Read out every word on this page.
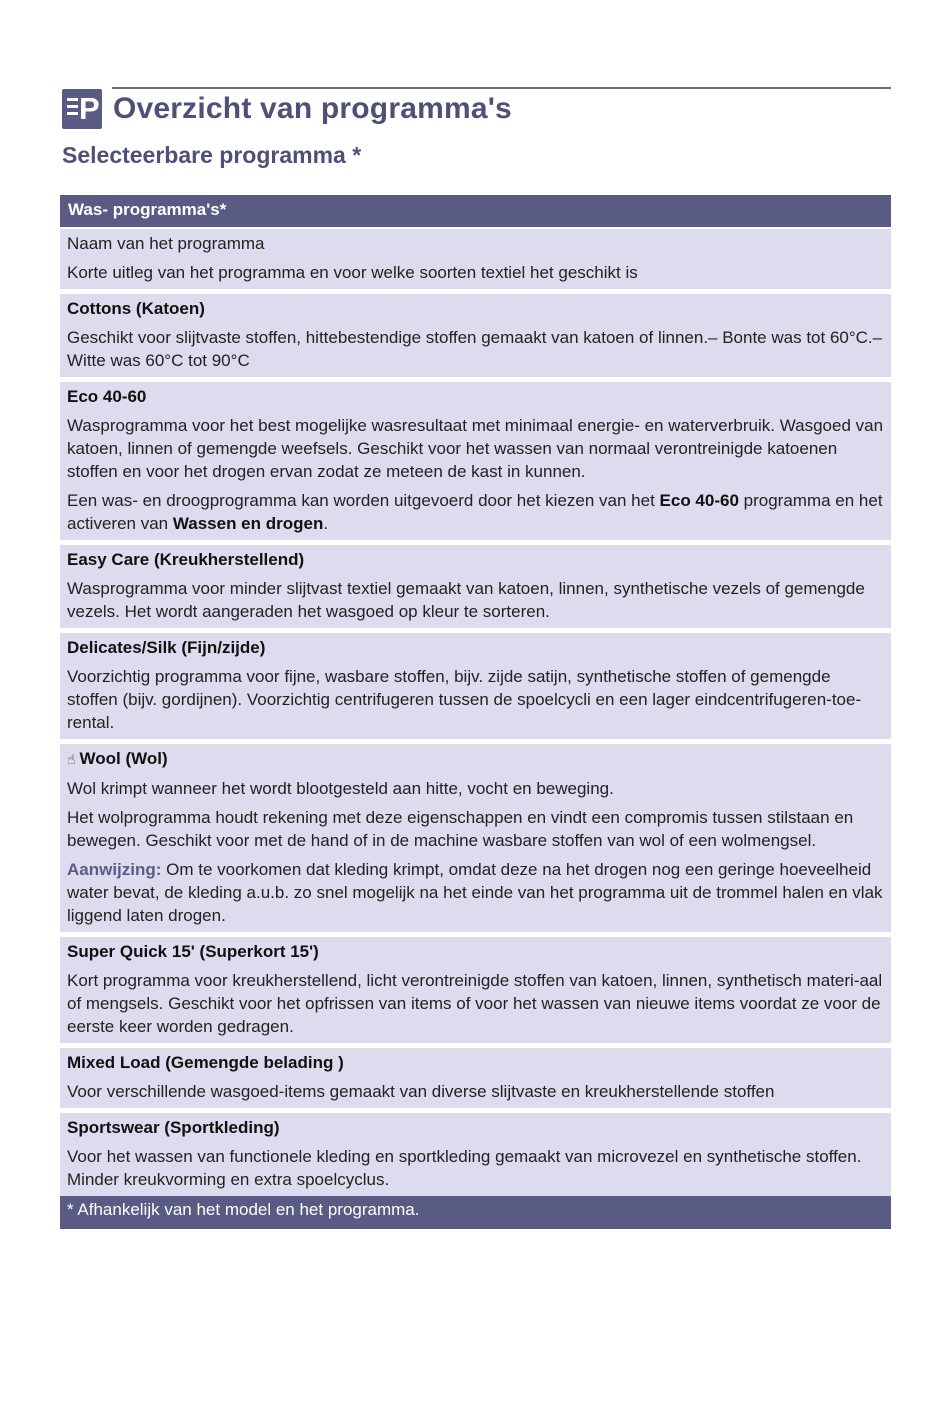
P Overzicht van programma's
Selecteerbare programma *
Was- programma's*
Naam van het programma

Korte uitleg van het programma en voor welke soorten textiel het geschikt is

Cottons (Katoen)

Geschikt voor slijtvaste stoffen, hittebestendige stoffen gemaakt van katoen of linnen.– Bonte was tot 60°C.– Witte was 60°C tot 90°C

Eco 40-60

Wasprogramma voor het best mogelijke wasresultaat met minimaal energie- en waterverbruik. Wasgoed van katoen, linnen of gemengde weefsels. Geschikt voor het wassen van normaal verontreinigde katoenen stoffen en voor het drogen ervan zodat ze meteen de kast in kunnen.

Een was- en droogprogramma kan worden uitgevoerd door het kiezen van het Eco 40-60 programma en het activeren van Wassen en drogen.

Easy Care (Kreukherstellend)

Wasprogramma voor minder slijtvast textiel gemaakt van katoen, linnen, synthetische vezels of gemengde vezels. Het wordt aangeraden het wasgoed op kleur te sorteren.

Delicates/Silk (Fijn/zijde)

Voorzichtig programma voor fijne, wasbare stoffen, bijv. zijde satijn, synthetische stoffen of gemengde stoffen (bijv. gordijnen). Voorzichtig centrifugeren tussen de spoelcycli en een lager eindcentrifugeren-toe-rental.

☝ Wool (Wol)

Wol krimpt wanneer het wordt blootgesteld aan hitte, vocht en beweging.

Het wolprogramma houdt rekening met deze eigenschappen en vindt een compromis tussen stilstaan en bewegen. Geschikt voor met de hand of in de machine wasbare stoffen van wol of een wolmengsel.

Aanwijzing: Om te voorkomen dat kleding krimpt, omdat deze na het drogen nog een geringe hoeveelheid water bevat, de kleding a.u.b. zo snel mogelijk na het einde van het programma uit de trommel halen en vlak liggend laten drogen.

Super Quick 15' (Superkort 15')

Kort programma voor kreukherstellend, licht verontreinigde stoffen van katoen, linnen, synthetisch materi-aal of mengsels. Geschikt voor het opfrissen van items of voor het wassen van nieuwe items voordat ze voor de eerste keer worden gedragen.

Mixed Load (Gemengde belading )

Voor verschillende wasgoed-items gemaakt van diverse slijtvaste en kreukherstellende stoffen

Sportswear (Sportkleding)

Voor het wassen van functionele kleding en sportkleding gemaakt van microvezel en synthetische stoffen. Minder kreukvorming en extra spoelcyclus.

* Afhankelijk van het model en het programma.
